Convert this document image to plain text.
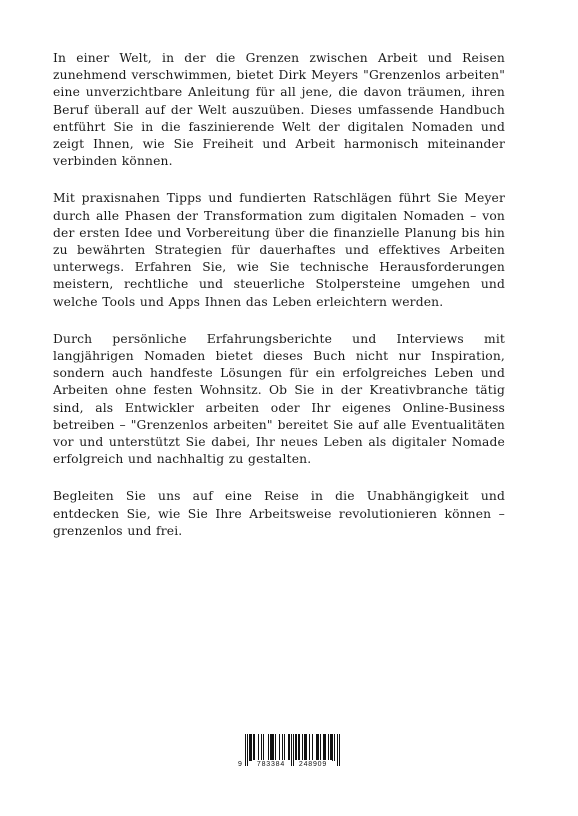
In einer Welt, in der die Grenzen zwischen Arbeit und Reisen zunehmend verschwimmen, bietet Dirk Meyers "Grenzenlos arbeiten" eine unverzichtbare Anleitung für all jene, die davon träumen, ihren Beruf überall auf der Welt auszuüben. Dieses umfassende Handbuch entführt Sie in die faszinierende Welt der digitalen Nomaden und zeigt Ihnen, wie Sie Freiheit und Arbeit harmonisch miteinander verbinden können.

Mit praxisnahen Tipps und fundierten Ratschlägen führt Sie Meyer durch alle Phasen der Transformation zum digitalen Nomaden – von der ersten Idee und Vorbereitung über die finanzielle Planung bis hin zu bewährten Strategien für dauerhaftes und effektives Arbeiten unterwegs. Erfahren Sie, wie Sie technische Herausforderungen meistern, rechtliche und steuerliche Stolpersteine umgehen und welche Tools und Apps Ihnen das Leben erleichtern werden.

Durch persönliche Erfahrungsberichte und Interviews mit langjährigen Nomaden bietet dieses Buch nicht nur Inspiration, sondern auch handfeste Lösungen für ein erfolgreiches Leben und Arbeiten ohne festen Wohnsitz. Ob Sie in der Kreativbranche tätig sind, als Entwickler arbeiten oder Ihr eigenes Online-Business betreiben – "Grenzenlos arbeiten" bereitet Sie auf alle Eventualitäten vor und unterstützt Sie dabei, Ihr neues Leben als digitaler Nomade erfolgreich und nachhaltig zu gestalten.

Begleiten Sie uns auf eine Reise in die Unabhängigkeit und entdecken Sie, wie Sie Ihre Arbeitsweise revolutionieren können – grenzenlos und frei.

9	783384	248909
